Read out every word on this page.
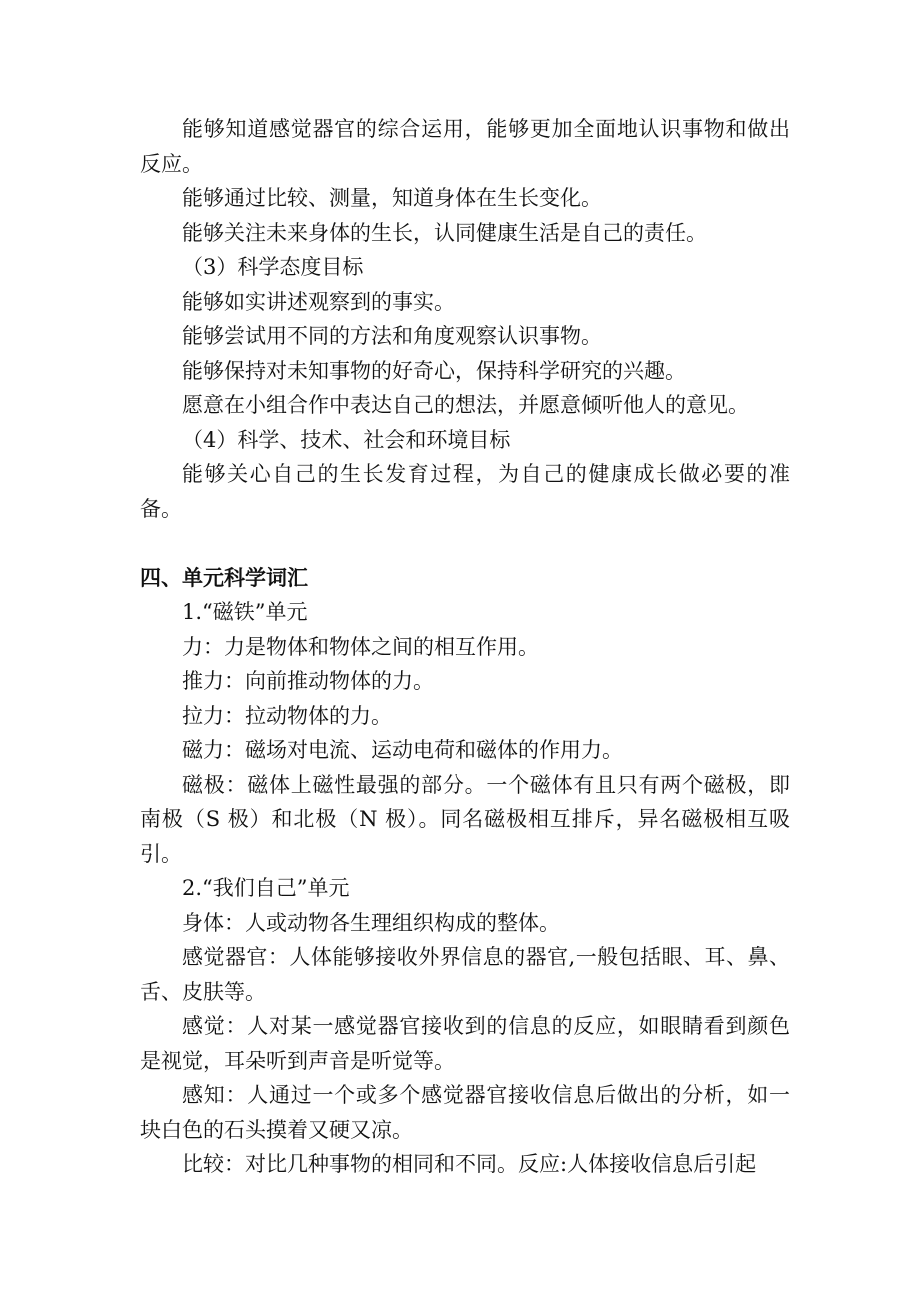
能够知道感觉器官的综合运用，能够更加全面地认识事物和做出反应。

能够通过比较、测量，知道身体在生长变化。

能够关注未来身体的生长，认同健康生活是自己的责任。

（3）科学态度目标

能够如实讲述观察到的事实。

能够尝试用不同的方法和角度观察认识事物。

能够保持对未知事物的好奇心，保持科学研究的兴趣。

愿意在小组合作中表达自己的想法，并愿意倾听他人的意见。

（4）科学、技术、社会和环境目标

能够关心自己的生长发育过程，为自己的健康成长做必要的准备。

四、单元科学词汇

1.“磁铁”单元

力：力是物体和物体之间的相互作用。

推力：向前推动物体的力。

拉力：拉动物体的力。

磁力：磁场对电流、运动电荷和磁体的作用力。

磁极：磁体上磁性最强的部分。一个磁体有且只有两个磁极，即南极（S 极）和北极（N 极）。同名磁极相互排斥，异名磁极相互吸引。

2.“我们自己”单元

身体：人或动物各生理组织构成的整体。

感觉器官：人体能够接收外界信息的器官,一般包括眼、耳、鼻、舌、皮肤等。

感觉：人对某一感觉器官接收到的信息的反应，如眼睛看到颜色是视觉，耳朵听到声音是听觉等。

感知：人通过一个或多个感觉器官接收信息后做出的分析，如一块白色的石头摸着又硬又凉。

比较：对比几种事物的相同和不同。反应:人体接收信息后引起
